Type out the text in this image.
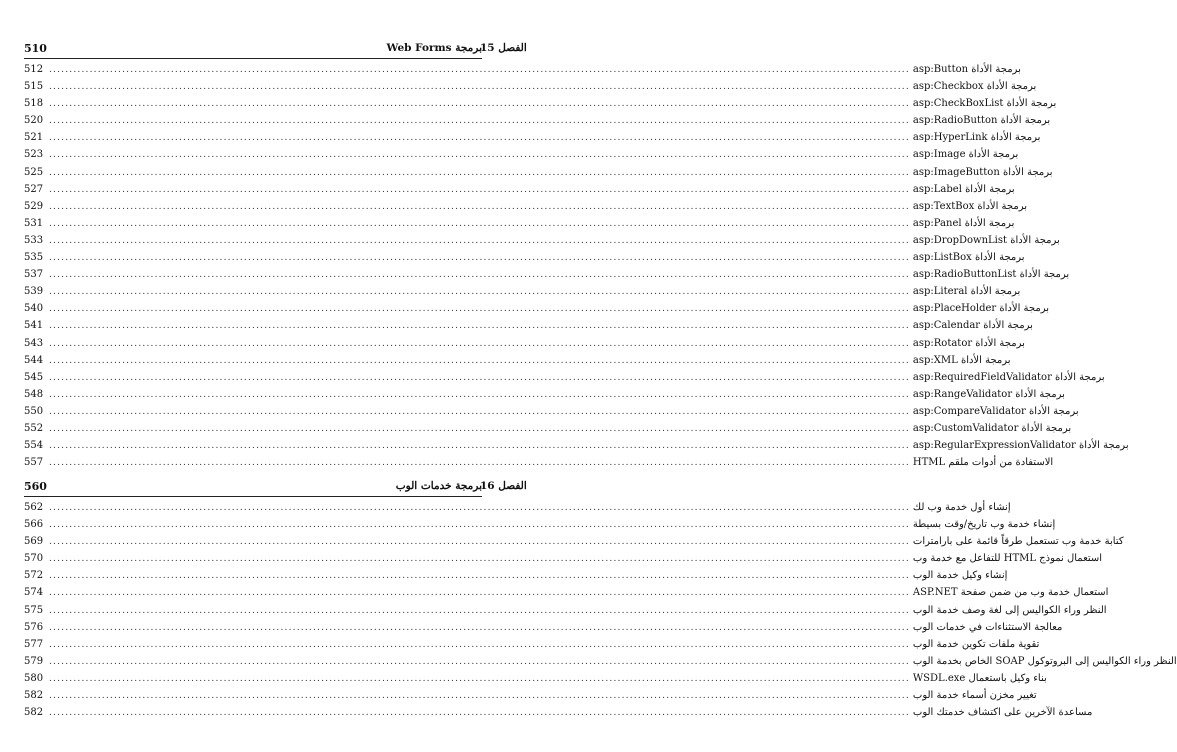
510	برمجة Web Forms
الفصل 15
512 .....	برمجة الأداة asp:Button
515 .....	برمجة الأداة asp:Checkbox
518 .....	برمجة الأداة asp:CheckBoxList
520 .....	برمجة الأداة asp:RadioButton
521 .....	برمجة الأداة asp:HyperLink
523 .....	برمجة الأداة asp:Image
525 .....	برمجة الأداة asp:ImageButton
527 .....	برمجة الأداة asp:Label
529 .....	برمجة الأداة asp:TextBox
531 .....	برمجة الأداة asp:Panel
533 .....	برمجة الأداة asp:DropDownList
535 .....	برمجة الأداة asp:ListBox
537 .....	برمجة الأداة asp:RadioButtonList
539 .....	برمجة الأداة asp:Literal
540 .....	برمجة الأداة asp:PlaceHolder
541 .....	برمجة الأداة asp:Calendar
543 .....	برمجة الأداة asp:Rotator
544 .....	برمجة الأداة asp:XML
545 .....	برمجة الأداة asp:RequiredFieldValidator
548 .....	برمجة الأداة asp:RangeValidator
550 .....	برمجة الأداة asp:CompareValidator
552 .....	برمجة الأداة asp:CustomValidator
554 .....	برمجة الأداة asp:RegularExpressionValidator
557 .....	الاستفادة من أدوات ملقم HTML
560	برمجة خدمات الوب
الفصل 16
562 .....	إنشاء أول خدمة وب لك
566 .....	إنشاء خدمة وب تاريخ/وقت بسيطة
569 .....	كتابة خدمة وب تستعمل طرقاً قائمة على بارامترات
570 .....	استعمال نموذج HTML للتفاعل مع خدمة وب
572 .....	إنشاء وكيل خدمة الوب
574 .....	استعمال خدمة وب من ضمن صفحة ASP.NET
575 .....	النظر وراء الكواليس إلى لغة وصف خدمة الوب
576 .....	معالجة الاستثناءات في خدمات الوب
577 .....	تقوية ملفات تكوين خدمة الوب
579 .....	النظر وراء الكواليس إلى البروتوكول SOAP الخاص بخدمة الوب
580 .....	بناء وكيل باستعمال WSDL.exe
582 .....	تغيير مخزن أسماء خدمة الوب
582 .....	مساعدة الآخرين على اكتشاف خدمتك الوب
